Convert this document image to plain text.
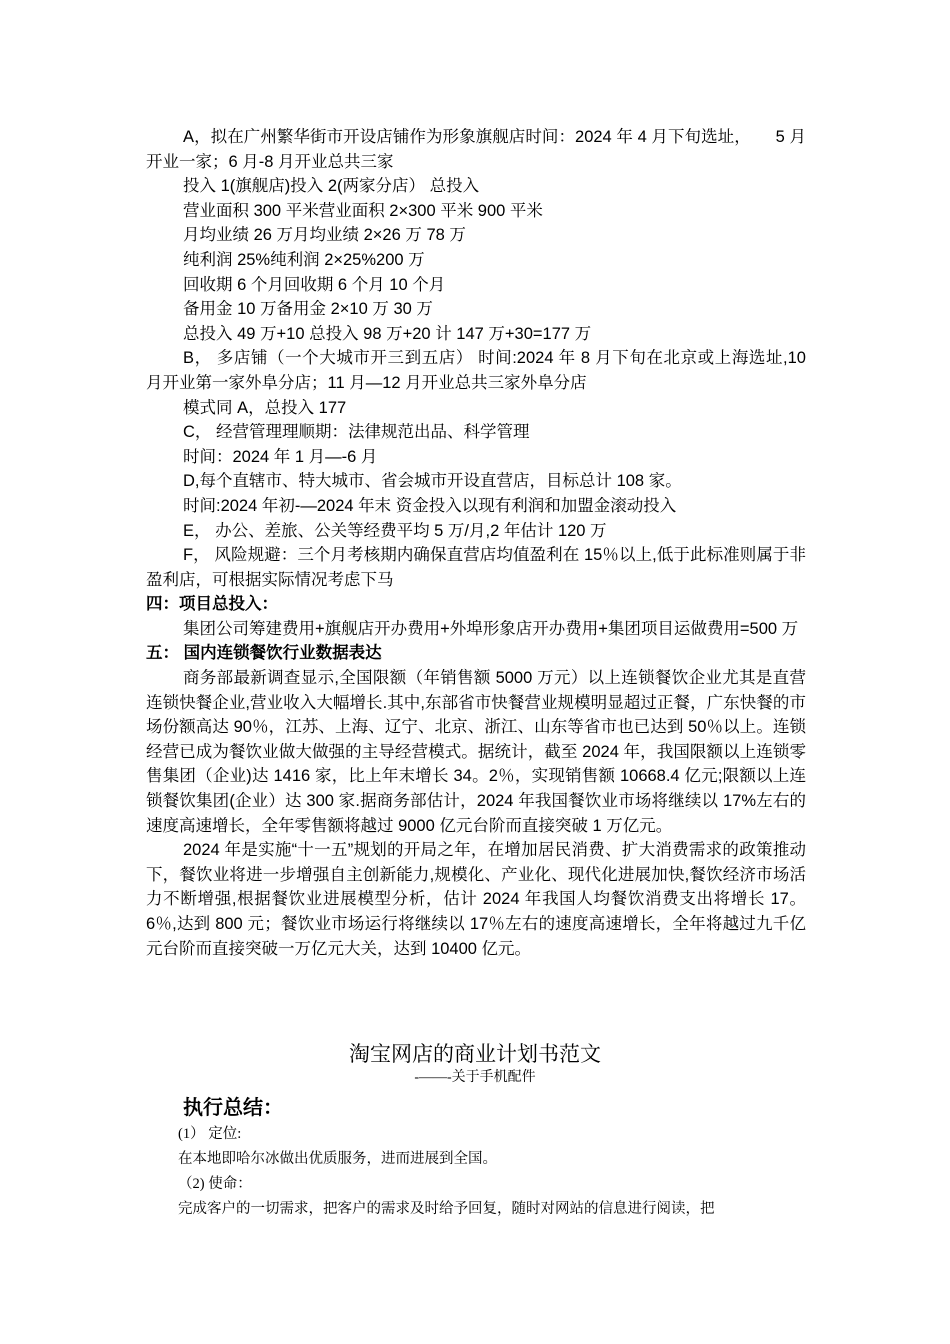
A，拟在广州繁华街市开设店铺作为形象旗舰店时间：2024 年 4 月下旬选址，　　5 月开业一家；6 月-8 月开业总共三家

投入 1(旗舰店)投入 2(两家分店） 总投入

营业面积 300 平米营业面积 2×300 平米 900 平米

月均业绩 26 万月均业绩 2×26 万 78 万

纯利润 25%纯利润 2×25%200 万

回收期 6 个月回收期 6 个月 10 个月

备用金 10 万备用金 2×10 万 30 万

总投入 49 万+10 总投入 98 万+20 计 147 万+30=177 万

B， 多店铺（一个大城市开三到五店） 时间:2024 年 8 月下旬在北京或上海选址,10 月开业第一家外阜分店；11 月—12 月开业总共三家外阜分店

模式同 A，总投入 177

C， 经营管理理顺期：法律规范出品、科学管理

时间：2024 年 1 月—-6 月

D,每个直辖市、特大城市、省会城市开设直营店，目标总计 108 家。

时间:2024 年初-—2024 年末 资金投入以现有利润和加盟金滚动投入

E， 办公、差旅、公关等经费平均 5 万/月,2 年估计 120 万

F， 风险规避：三个月考核期内确保直营店均值盈利在 15％以上,低于此标准则属于非盈利店，可根据实际情况考虑下马

四：项目总投入：

集团公司筹建费用+旗舰店开办费用+外埠形象店开办费用+集团项目运做费用=500 万

五： 国内连锁餐饮行业数据表达

商务部最新调查显示,全国限额（年销售额 5000 万元）以上连锁餐饮企业尤其是直营连锁快餐企业,营业收入大幅增长.其中,东部省市快餐营业规模明显超过正餐，广东快餐的市场份额高达 90％，江苏、上海、辽宁、北京、浙江、山东等省市也已达到 50％以上。连锁经营已成为餐饮业做大做强的主导经营模式。据统计，截至 2024 年，我国限额以上连锁零售集团（企业)达 1416 家，比上年末增长 34。2％，实现销售额 10668.4 亿元;限额以上连锁餐饮集团(企业）达 300 家.据商务部估计，2024 年我国餐饮业市场将继续以 17%左右的速度高速增长，全年零售额将越过 9000 亿元台阶而直接突破 1 万亿元。

2024 年是实施“十一五”规划的开局之年，在增加居民消费、扩大消费需求的政策推动下，餐饮业将进一步增强自主创新能力,规模化、产业化、现代化进展加快,餐饮经济市场活力不断增强,根据餐饮业进展模型分析，估计 2024 年我国人均餐饮消费支出将增长 17。6％,达到 800 元；餐饮业市场运行将继续以 17％左右的速度高速增长，全年将越过九千亿元台阶而直接突破一万亿元大关，达到 10400 亿元。

淘宝网店的商业计划书范文
-——-关于手机配件
执行总结：

(1） 定位:

在本地即哈尔冰做出优质服务，进而进展到全国。

（2) 使命：

完成客户的一切需求，把客户的需求及时给予回复，随时对网站的信息进行阅读，把
